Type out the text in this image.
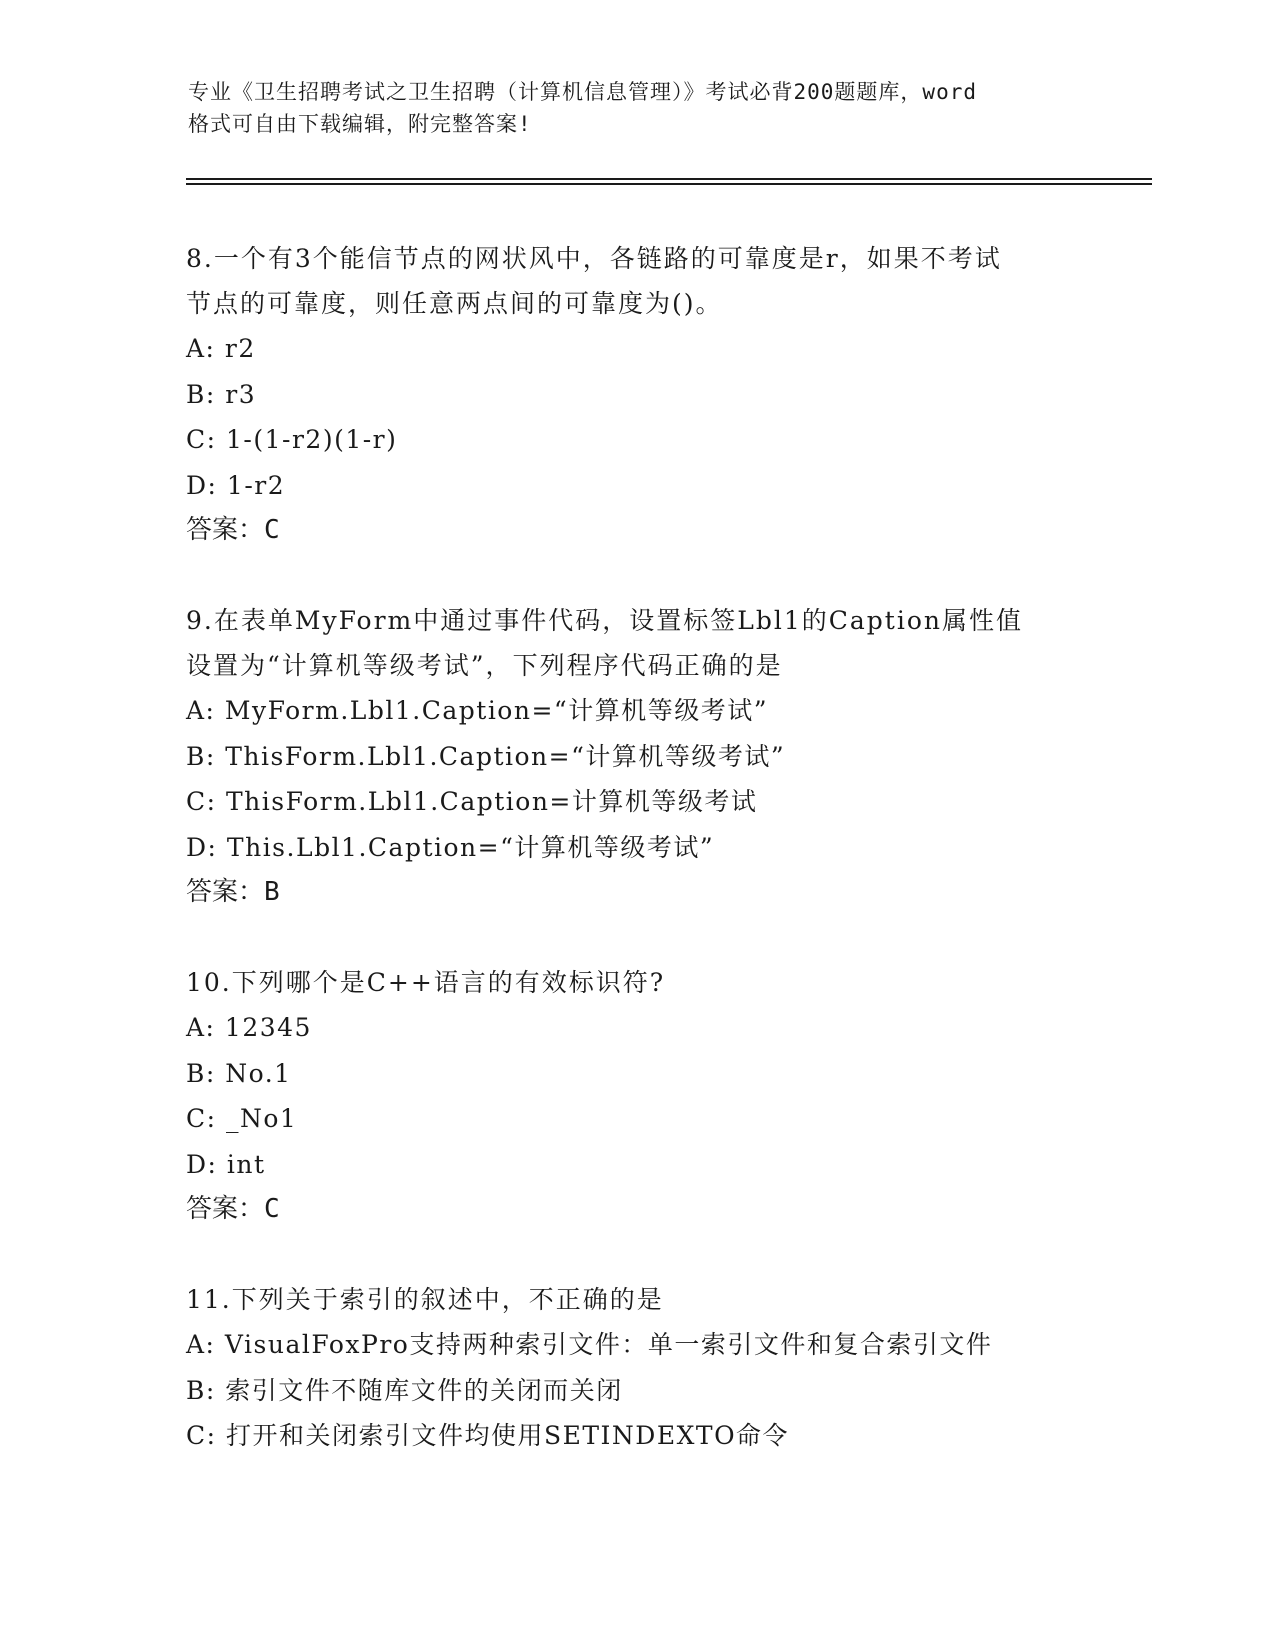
专业《卫生招聘考试之卫生招聘（计算机信息管理）》考试必背200题题库，word
格式可自由下载编辑，附完整答案!

8.一个有3个能信节点的网状风中，各链路的可靠度是r，如果不考试
节点的可靠度，则任意两点间的可靠度为()。

A: r2

B: r3

C: 1-(1-r2)(1-r)

D: 1-r2

答案：C

9.在表单MyForm中通过事件代码，设置标签Lbl1的Caption属性值
设置为“计算机等级考试”，下列程序代码正确的是

A: MyForm.Lbl1.Caption=“计算机等级考试”

B: ThisForm.Lbl1.Caption=“计算机等级考试”

C: ThisForm.Lbl1.Caption=计算机等级考试

D: This.Lbl1.Caption=“计算机等级考试”

答案：B

10.下列哪个是C++语言的有效标识符?

A: 12345

B: No.1

C: _No1

D: int

答案：C

11.下列关于索引的叙述中，不正确的是

A: VisualFoxPro支持两种索引文件：单一索引文件和复合索引文件

B: 索引文件不随库文件的关闭而关闭

C: 打开和关闭索引文件均使用SETINDEXTO命令
